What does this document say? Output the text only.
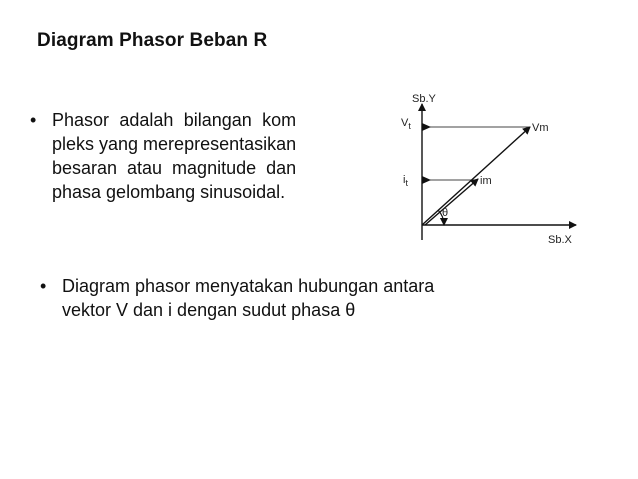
Diagram Phasor Beban R
• Phasor adalah bilangan kom
pleks yang merepresentasikan
besaran atau magnitude dan
phasa gelombang sinusoidal.
• Diagram phasor menyatakan hubungan antara
vektor V dan i dengan sudut phasa θ
Sb.Y
Sb.X
$V_t$
$i_t$
Vm
im
θ
